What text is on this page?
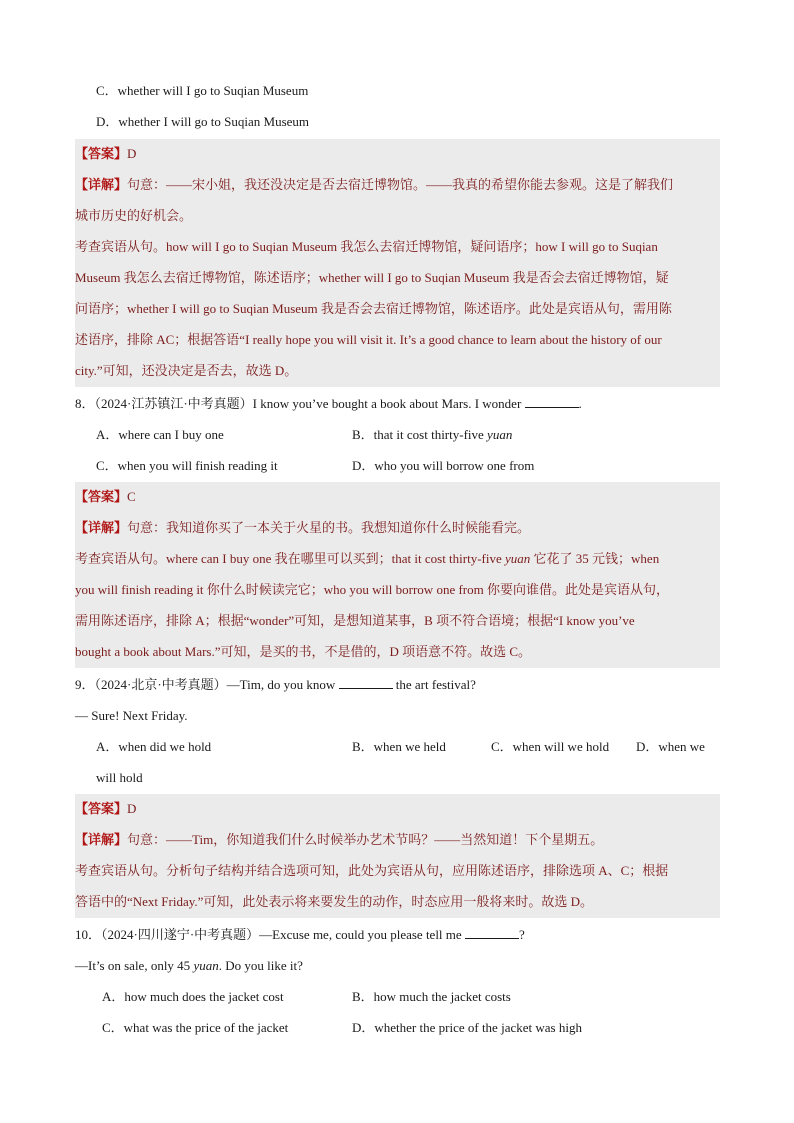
C．whether will I go to Suqian Museum
D．whether I will go to Suqian Museum
【答案】D
【详解】句意：——宋小姐，我还没决定是否去宿迁博物馆。——我真的希望你能去参观。这是了解我们
城市历史的好机会。
考查宾语从句。how will I go to Suqian Museum 我怎么去宿迁博物馆，疑问语序；how I will go to Suqian
Museum 我怎么去宿迁博物馆，陈述语序；whether will I go to Suqian Museum 我是否会去宿迁博物馆，疑
问语序；whether I will go to Suqian Museum 我是否会去宿迁博物馆，陈述语序。此处是宾语从句，需用陈
述语序，排除 AC；根据答语“I really hope you will visit it. It’s a good chance to learn about the history of our
city.”可知，还没决定是否去，故选 D。
8．（2024·江苏镇江·中考真题）I know you’ve bought a book about Mars. I wonder	.
A．where can I buy one	B．that it cost thirty-five yuan
C．when you will finish reading it	D．who you will borrow one from
【答案】C
【详解】句意：我知道你买了一本关于火星的书。我想知道你什么时候能看完。
考查宾语从句。where can I buy one 我在哪里可以买到；that it cost thirty-five yuan 它花了 35 元钱；when
you will finish reading it 你什么时候读完它；who you will borrow one from 你要向谁借。此处是宾语从句，
需用陈述语序，排除 A；根据“wonder”可知，是想知道某事，B 项不符合语境；根据“I know you’ve
bought a book about Mars.”可知，是买的书，不是借的，D 项语意不符。故选 C。
9．（2024·北京·中考真题）—Tim, do you know	the art festival?
— Sure! Next Friday.
A．when did we hold	B．when we held	C．when will we hold D．when we
will hold
【答案】D
【详解】句意：——Tim，你知道我们什么时候举办艺术节吗？——当然知道！下个星期五。
考查宾语从句。分析句子结构并结合选项可知，此处为宾语从句，应用陈述语序，排除选项 A、C；根据
答语中的“Next Friday.”可知，此处表示将来要发生的动作，时态应用一般将来时。故选 D。
10．（2024·四川遂宁·中考真题）—Excuse me, could you please tell me	?
—It’s on sale, only 45 yuan. Do you like it?
A．how much does the jacket cost	B．how much the jacket costs
C．what was the price of the jacket	D．whether the price of the jacket was high
